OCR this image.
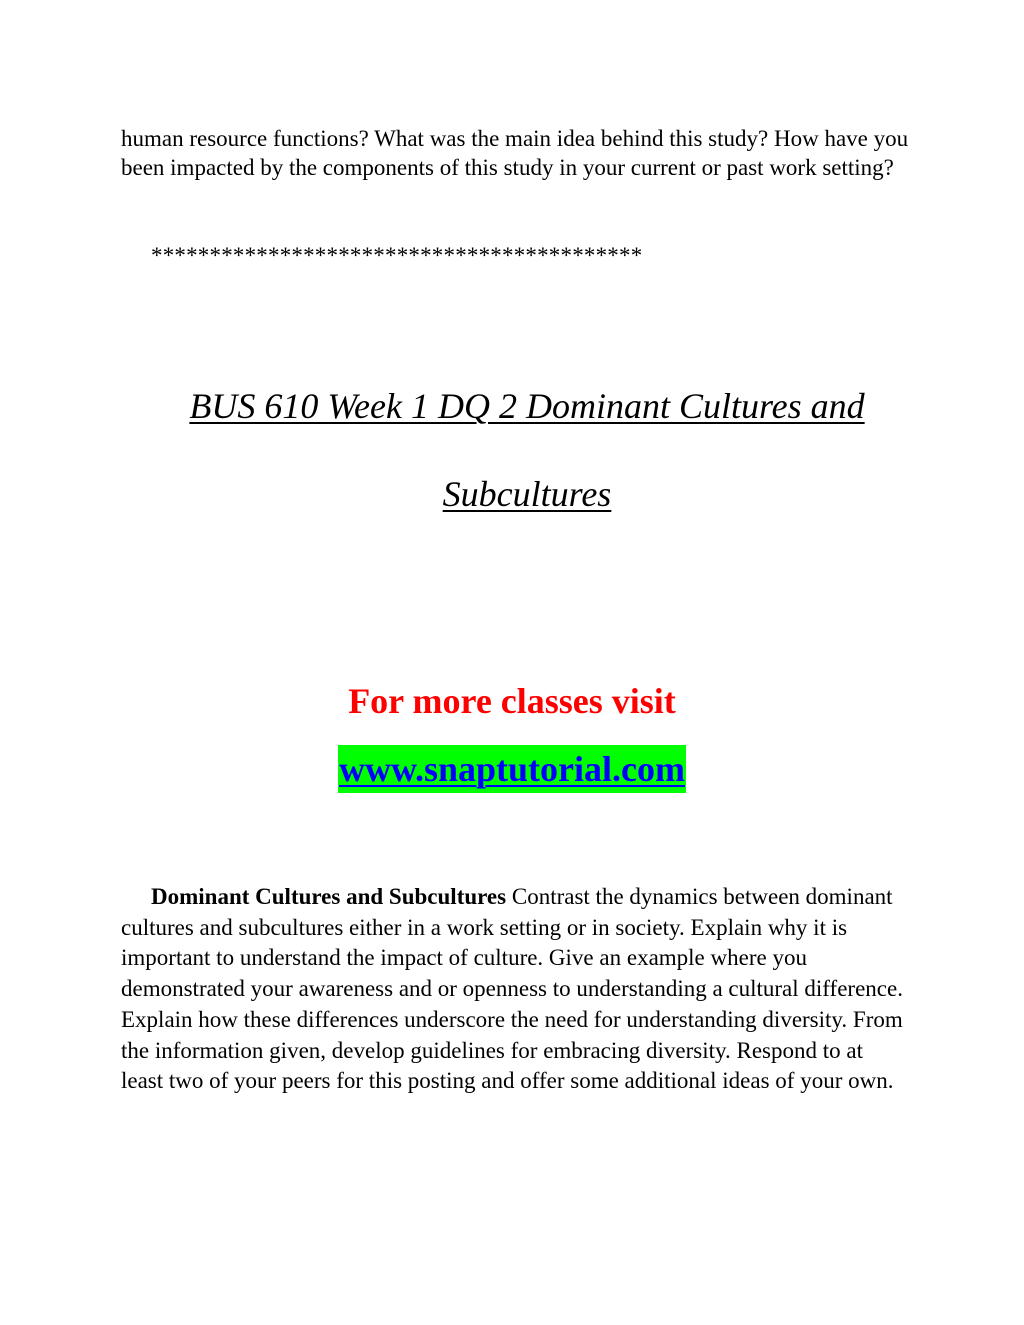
human resource functions? What was the main idea behind this study? How have you been impacted by the components of this study in your current or past work setting?

******************************************

BUS 610 Week 1 DQ 2 Dominant Cultures and
Subcultures

For more classes visit

www.snaptutorial.com

Dominant Cultures and Subcultures Contrast the dynamics between dominant cultures and subcultures either in a work setting or in society. Explain why it is important to understand the impact of culture. Give an example where you demonstrated your awareness and or openness to understanding a cultural difference. Explain how these differences underscore the need for understanding diversity. From the information given, develop guidelines for embracing diversity. Respond to at least two of your peers for this posting and offer some additional ideas of your own.
